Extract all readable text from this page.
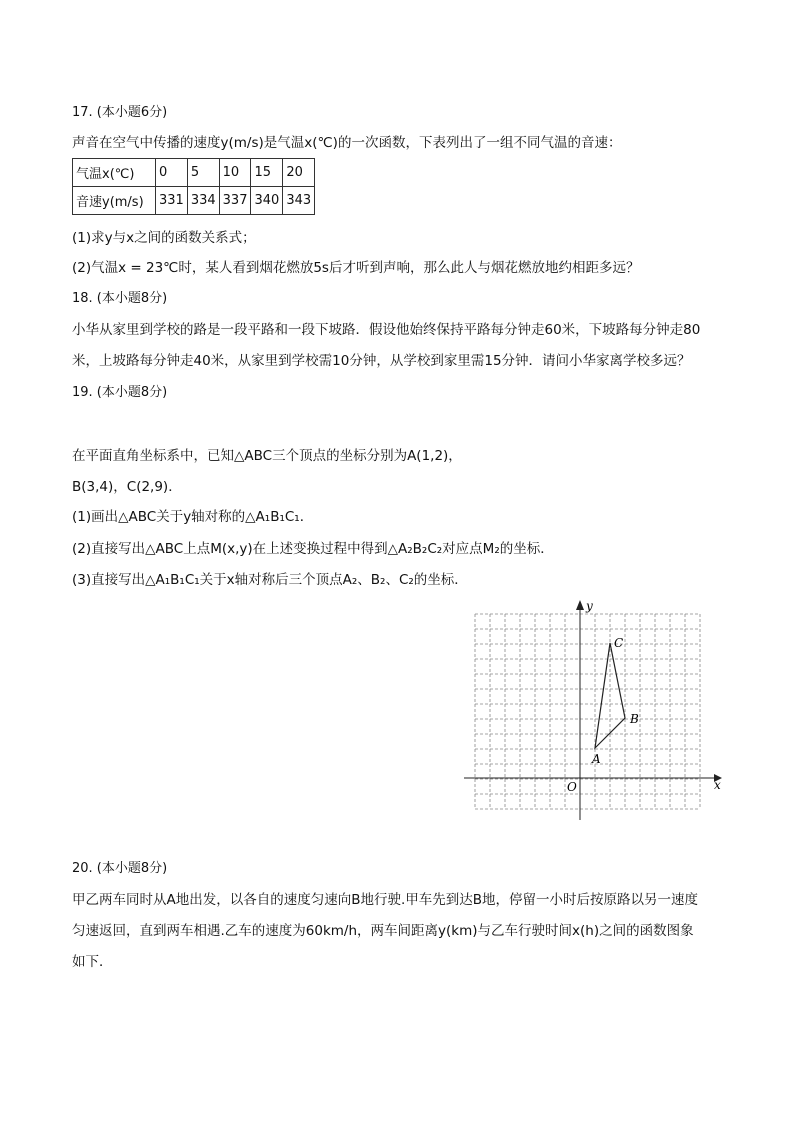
17. (本小题6分)
声音在空气中传播的速度y(m/s)是气温x(℃)的一次函数，下表列出了一组不同气温的音速：
气温x(℃)	0	5	10	15	20
音速y(m/s)	331	334	337	340	343
(1)求y与x之间的函数关系式；
(2)气温x = 23℃时，某人看到烟花燃放5s后才听到声响，那么此人与烟花燃放地约相距多远？
18. (本小题8分)
小华从家里到学校的路是一段平路和一段下坡路．假设他始终保持平路每分钟走60米，下坡路每分钟走80
米，上坡路每分钟走40米，从家里到学校需10分钟，从学校到家里需15分钟．请问小华家离学校多远？
19. (本小题8分)
在平面直角坐标系中，已知△ABC三个顶点的坐标分别为A(1,2)，
B(3,4)，C(2,9)．
(1)画出△ABC关于y轴对称的△A₁B₁C₁．
(2)直接写出△ABC上点M(x,y)在上述变换过程中得到△A₂B₂C₂对应点M₂的坐标．
(3)直接写出△A₁B₁C₁关于x轴对称后三个顶点A₂、B₂、C₂的坐标．
x
y
O
A
B
C
20. (本小题8分)
甲乙两车同时从A地出发，以各自的速度匀速向B地行驶.甲车先到达B地，停留一小时后按原路以另一速度
匀速返回，直到两车相遇.乙车的速度为60km/h，两车间距离y(km)与乙车行驶时间x(h)之间的函数图象
如下．
